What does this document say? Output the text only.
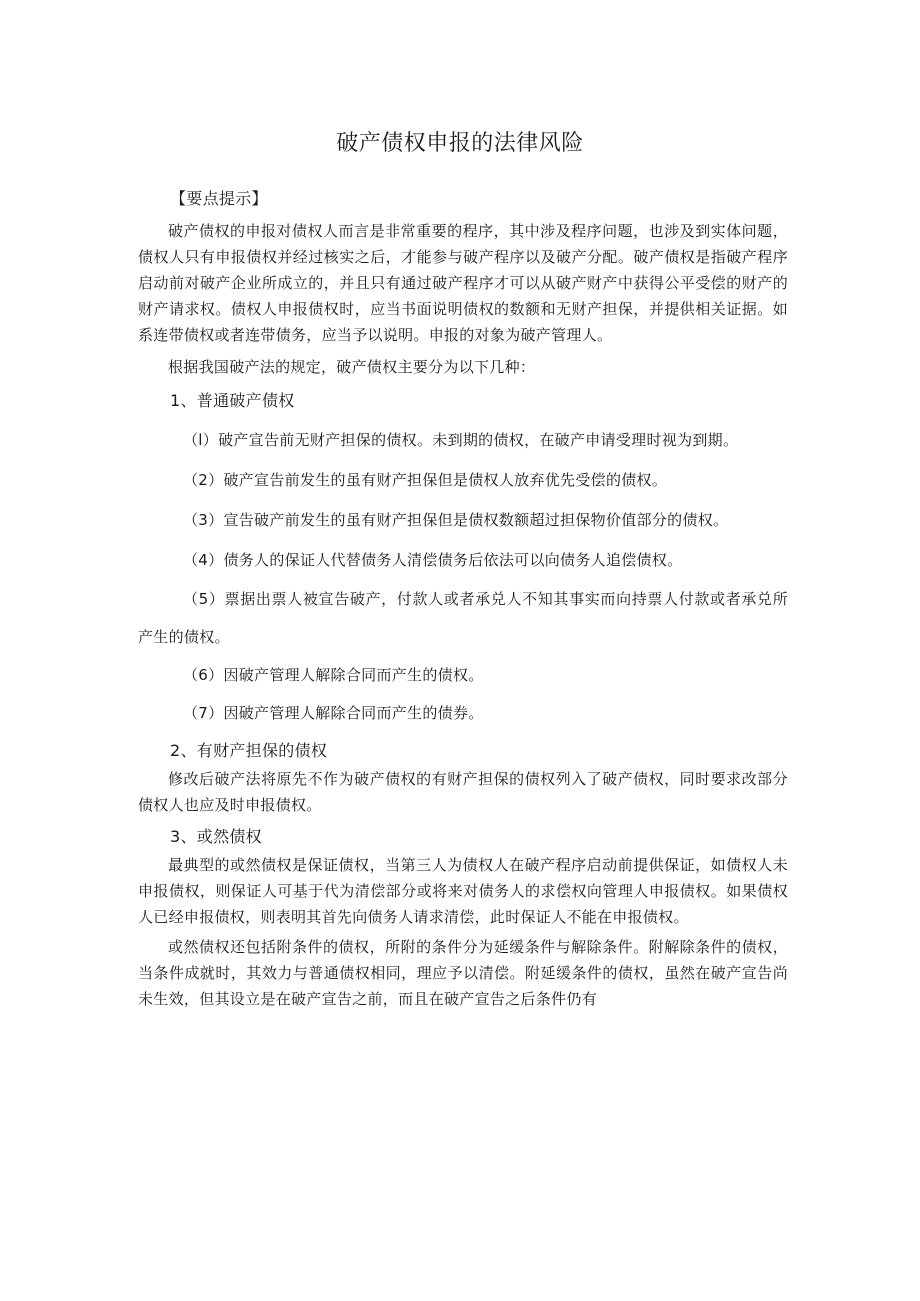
破产债权申报的法律风险

【要点提示】

破产债权的申报对债权人而言是非常重要的程序，其中涉及程序问题，也涉及到实体问题，债权人只有申报债权并经过核实之后，才能参与破产程序以及破产分配。破产债权是指破产程序启动前对破产企业所成立的，并且只有通过破产程序才可以从破产财产中获得公平受偿的财产的财产请求权。债权人申报债权时，应当书面说明债权的数额和无财产担保，并提供相关证据。如系连带债权或者连带债务，应当予以说明。申报的对象为破产管理人。

根据我国破产法的规定，破产债权主要分为以下几种：

1、普通破产债权

（l）破产宣告前无财产担保的债权。未到期的债权，在破产申请受理时视为到期。

（2）破产宣告前发生的虽有财产担保但是债权人放弃优先受偿的债权。

（3）宣告破产前发生的虽有财产担保但是债权数额超过担保物价值部分的债权。

（4）债务人的保证人代替债务人清偿债务后依法可以向债务人追偿债权。

（5）票据出票人被宣告破产，付款人或者承兑人不知其事实而向持票人付款或者承兑所产生的债权。

（6）因破产管理人解除合同而产生的债权。

（7）因破产管理人解除合同而产生的债券。

2、有财产担保的债权

修改后破产法将原先不作为破产债权的有财产担保的债权列入了破产债权，同时要求改部分债权人也应及时申报债权。

3、或然债权

最典型的或然债权是保证债权，当第三人为债权人在破产程序启动前提供保证，如债权人未申报债权，则保证人可基于代为清偿部分或将来对债务人的求偿权向管理人申报债权。如果债权人已经申报债权，则表明其首先向债务人请求清偿，此时保证人不能在申报债权。

或然债权还包括附条件的债权，所附的条件分为延缓条件与解除条件。附解除条件的债权，当条件成就时，其效力与普通债权相同，理应予以清偿。附延缓条件的债权，虽然在破产宣告尚未生效，但其设立是在破产宣告之前，而且在破产宣告之后条件仍有
